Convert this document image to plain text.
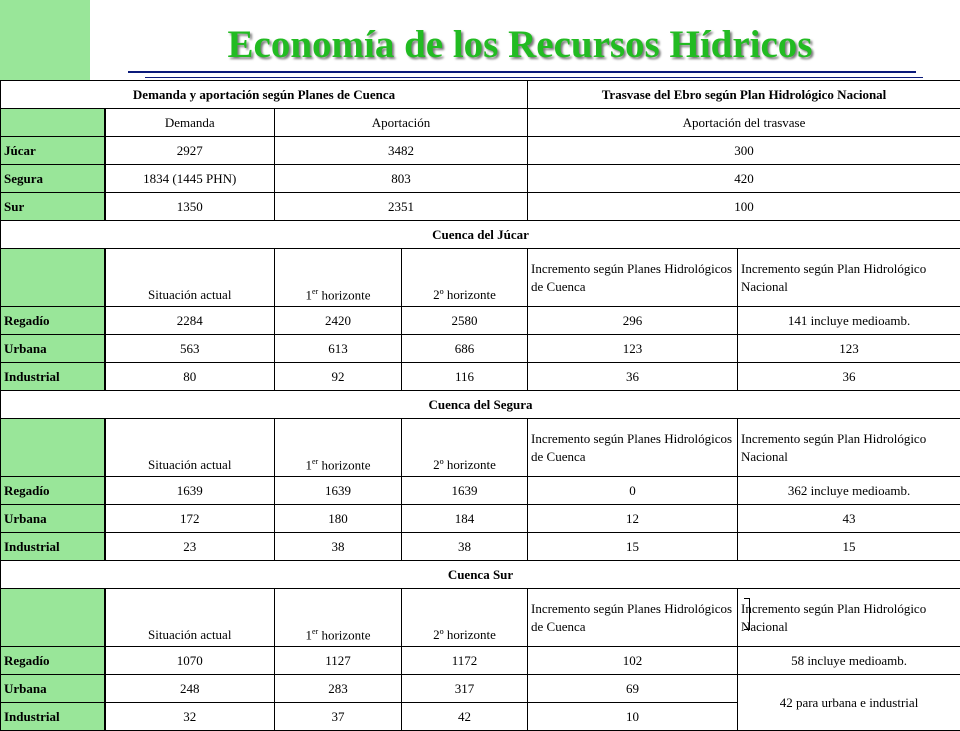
Economía de los Recursos Hídricos
Demanda y aportación según Planes de Cuenca				Trasvase del Ebro según Plan Hidrológico Nacional	
	Demanda	Aportación		Aportación del trasvase	
Júcar	2927	3482		300	
Segura	1834 (1445 PHN)	803		420	
Sur	1350	2351		100	
Cuenca del Júcar					
	Situación actual	1er horizonte	2º horizonte	Incremento según Planes Hidrológicos de Cuenca	Incremento según Plan Hidrológico Nacional
Regadío	2284	2420	2580	296	141 incluye medioamb.
Urbana	563	613	686	123	123
Industrial	80	92	116	36	36
Cuenca del Segura					
	Situación actual	1er horizonte	2º horizonte	Incremento según Planes Hidrológicos de Cuenca	Incremento según Plan Hidrológico Nacional
Regadío	1639	1639	1639	0	362 incluye medioamb.
Urbana	172	180	184	12	43
Industrial	23	38	38	15	15
Cuenca Sur					
	Situación actual	1er horizonte	2º horizonte	Incremento según Planes Hidrológicos de Cuenca	Incremento según Plan Hidrológico Nacional
Regadío	1070	1127	1172	102	58 incluye medioamb.
Urbana	248	283	317	69	42 para urbana e industrial
Industrial	32	37	42	10	
